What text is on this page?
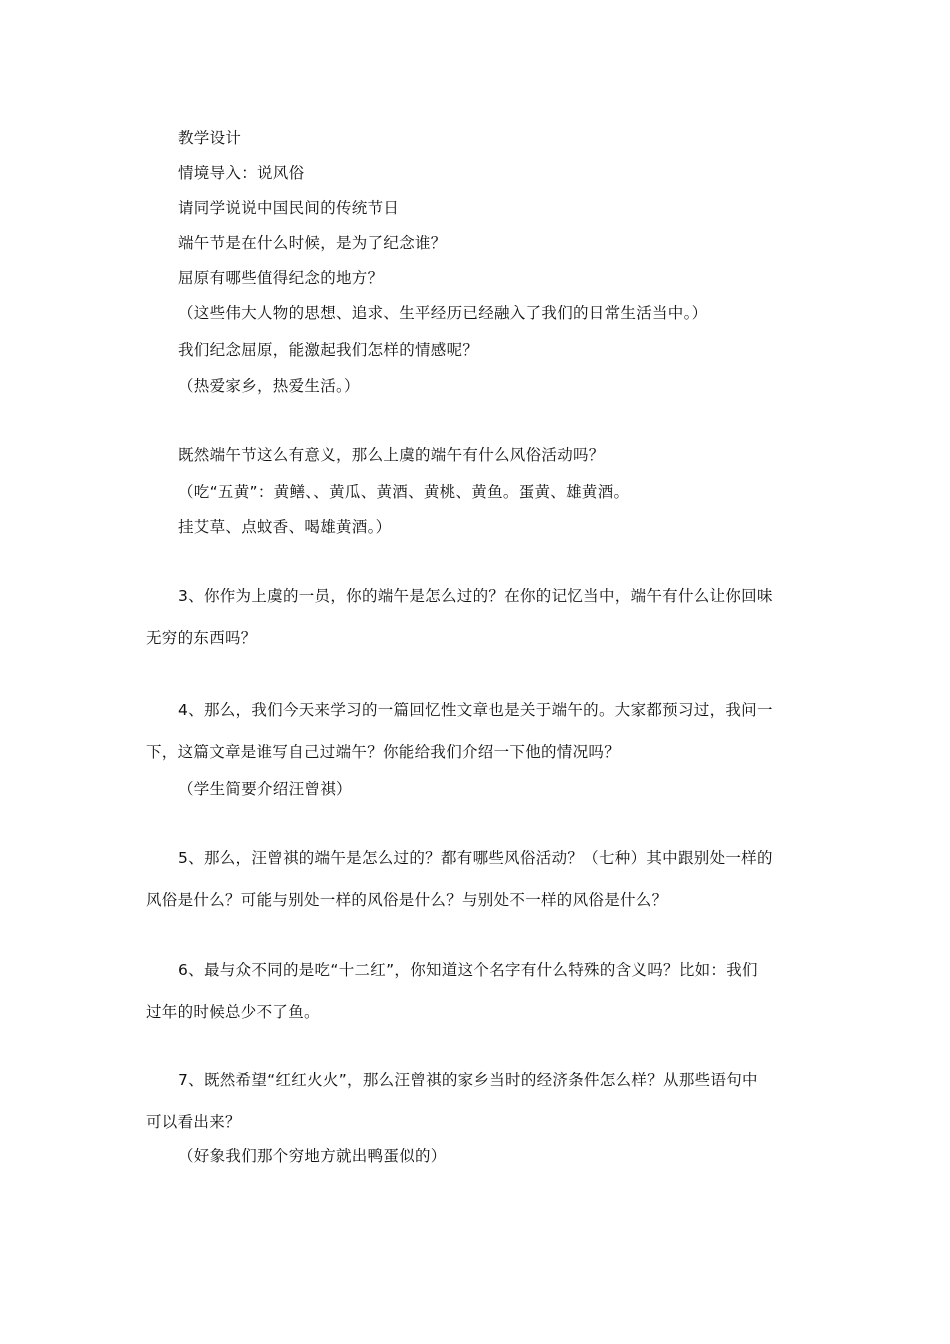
教学设计
情境导入：说风俗
请同学说说中国民间的传统节日
端午节是在什么时候，是为了纪念谁？
屈原有哪些值得纪念的地方？
（这些伟大人物的思想、追求、生平经历已经融入了我们的日常生活当中。）
我们纪念屈原，能激起我们怎样的情感呢？
（热爱家乡，热爱生活。）
既然端午节这么有意义，那么上虞的端午有什么风俗活动吗？
（吃“五黄”：黄鳝、、黄瓜、黄酒、黄桃、黄鱼。蛋黄、雄黄酒。
挂艾草、点蚊香、喝雄黄酒。）
3、你作为上虞的一员，你的端午是怎么过的？在你的记忆当中，端午有什么让你回味
无穷的东西吗？
4、那么，我们今天来学习的一篇回忆性文章也是关于端午的。大家都预习过，我问一
下，这篇文章是谁写自己过端午？你能给我们介绍一下他的情况吗？
（学生简要介绍汪曾祺）
5、那么，汪曾祺的端午是怎么过的？都有哪些风俗活动？（七种）其中跟别处一样的
风俗是什么？可能与别处一样的风俗是什么？与别处不一样的风俗是什么？
6、最与众不同的是吃“十二红”，你知道这个名字有什么特殊的含义吗？比如：我们
过年的时候总少不了鱼。
7、既然希望“红红火火”，那么汪曾祺的家乡当时的经济条件怎么样？从那些语句中
可以看出来？
（好象我们那个穷地方就出鸭蛋似的）
